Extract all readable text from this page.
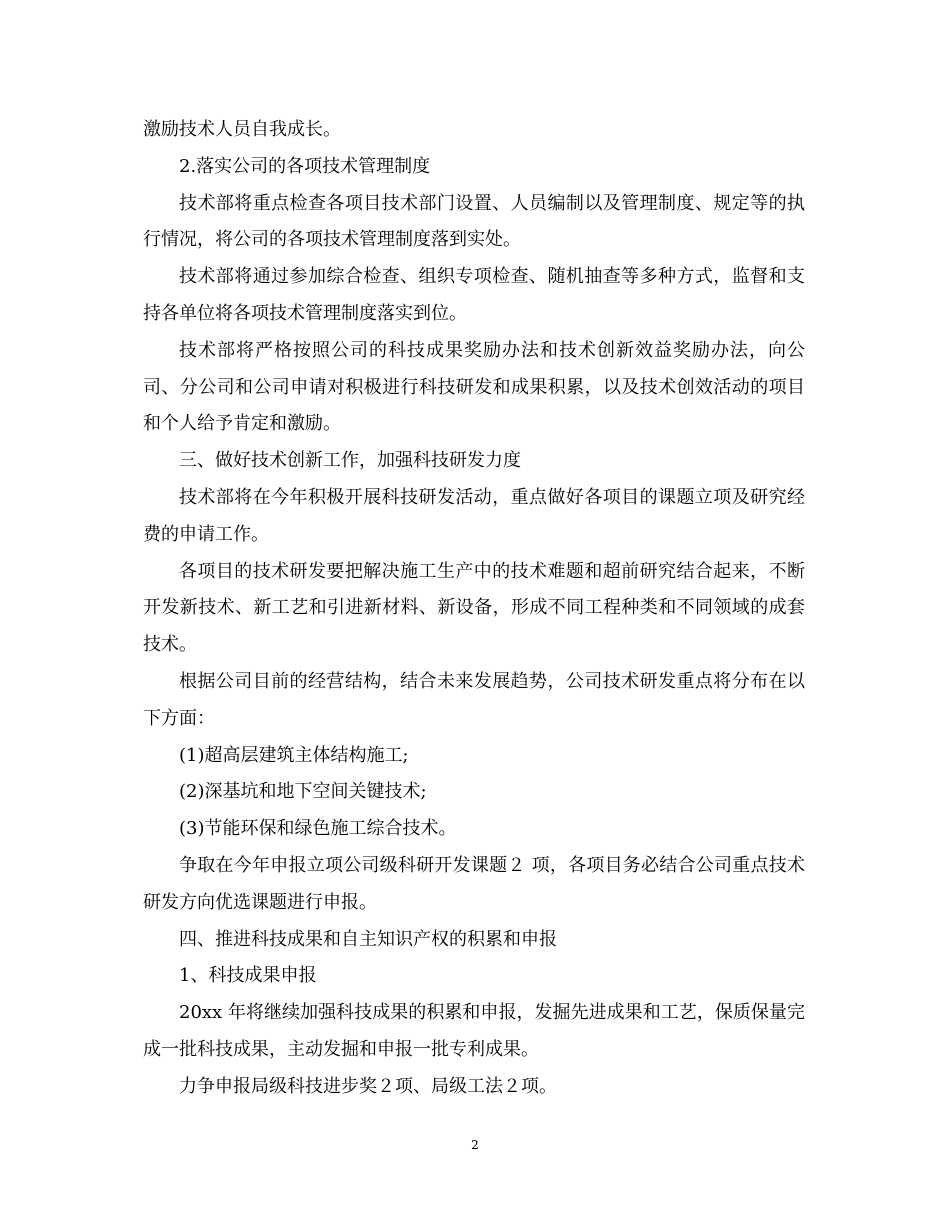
激励技术人员自我成长。

2.落实公司的各项技术管理制度

技术部将重点检查各项目技术部门设置、人员编制以及管理制度、规定等的执行情况，将公司的各项技术管理制度落到实处。

技术部将通过参加综合检查、组织专项检查、随机抽查等多种方式，监督和支持各单位将各项技术管理制度落实到位。

技术部将严格按照公司的科技成果奖励办法和技术创新效益奖励办法，向公司、分公司和公司申请对积极进行科技研发和成果积累，以及技术创效活动的项目和个人给予肯定和激励。

三、做好技术创新工作，加强科技研发力度

技术部将在今年积极开展科技研发活动，重点做好各项目的课题立项及研究经费的申请工作。

各项目的技术研发要把解决施工生产中的技术难题和超前研究结合起来，不断开发新技术、新工艺和引进新材料、新设备，形成不同工程种类和不同领域的成套技术。

根据公司目前的经营结构，结合未来发展趋势，公司技术研发重点将分布在以下方面：

(1)超高层建筑主体结构施工;

(2)深基坑和地下空间关键技术;

(3)节能环保和绿色施工综合技术。

争取在今年申报立项公司级科研开发课题２ 项，各项目务必结合公司重点技术研发方向优选课题进行申报。

四、推进科技成果和自主知识产权的积累和申报

1、科技成果申报

20xx 年将继续加强科技成果的积累和申报，发掘先进成果和工艺，保质保量完成一批科技成果，主动发掘和申报一批专利成果。

力争申报局级科技进步奖２项、局级工法２项。

2
